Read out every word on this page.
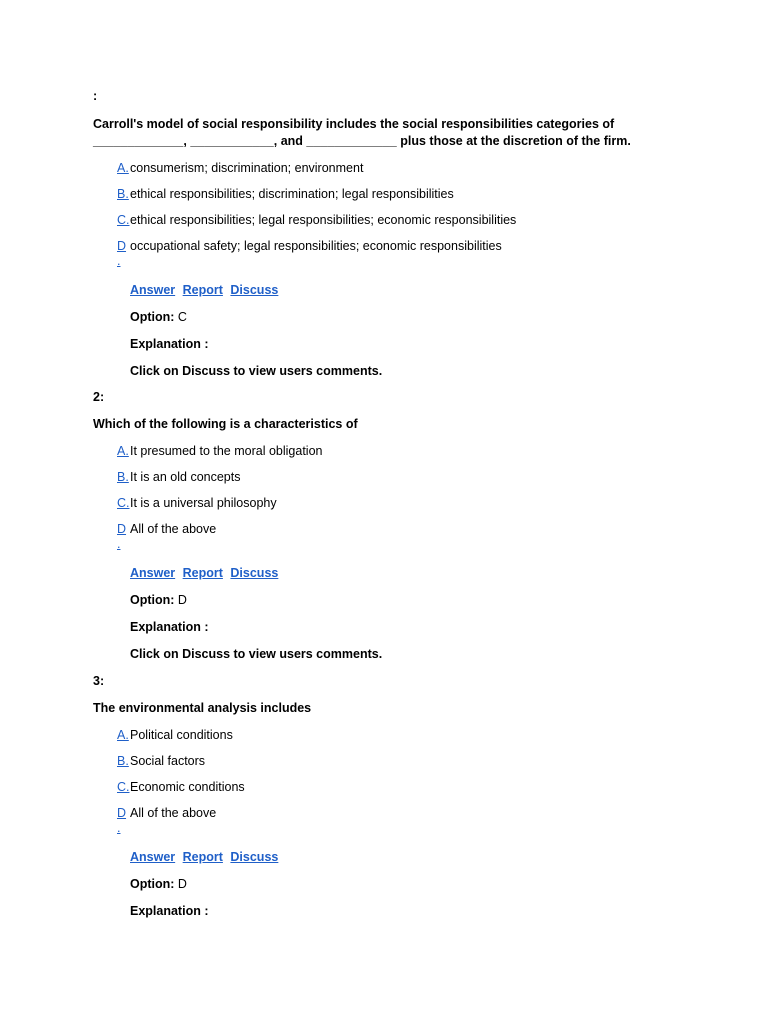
:
Carroll's model of social responsibility includes the social responsibilities categories of _____________, ____________, and _____________ plus those at the discretion of the firm.
A. consumerism; discrimination; environment
B. ethical responsibilities; discrimination; legal responsibilities
C. ethical responsibilities; legal responsibilities; economic responsibilities
D
.
occupational safety; legal responsibilities; economic responsibilities
Answer Report Discuss
Option: C
Explanation :
Click on Discuss to view users comments.
2:
Which of the following is a characteristics of
A. It presumed to the moral obligation
B. It is an old concepts
C. It is a universal philosophy
D
.
All of the above
Answer Report Discuss
Option: D
Explanation :
Click on Discuss to view users comments.
3:
The environmental analysis includes
A. Political conditions
B. Social factors
C. Economic conditions
D
.
All of the above
Answer Report Discuss
Option: D
Explanation :
